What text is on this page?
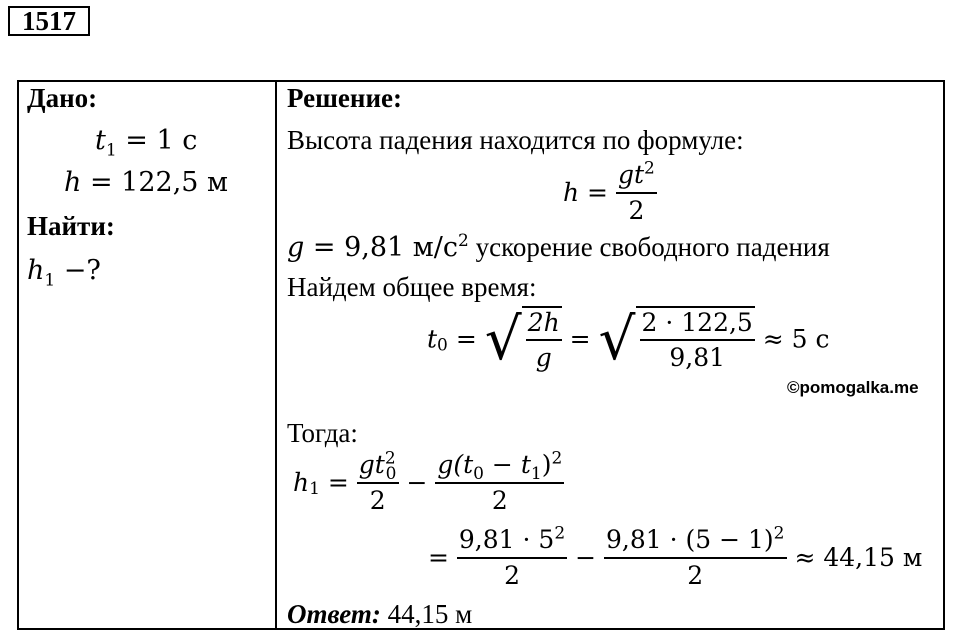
1517
Дано:
$t_1 = 1$ с
h = 122,5 м
Найти:
$h_1$ −?
Решение:
Высота падения находится по формуле:
$h = \frac{gt^2}{2}$
g = 9,81 $м/с^2$ ускорение свободного падения
Найдем общее время:
$t_0$ = √ $\frac{2h}{g}$ = √ $\frac{2 \cdot 122,5}{9,81} \approx 5$ с
©pomogalka.me
Тогда:
$h_1 = \frac{gt^2_0}{2} - \frac{g(t_0 - t_1)^2}{2}$
= $\frac{9,81 \cdot 5^2}{2} - \frac{9,81 \cdot (5 - 1)^2}{2} \approx 44,15$ м
Ответ: 44,15 м
